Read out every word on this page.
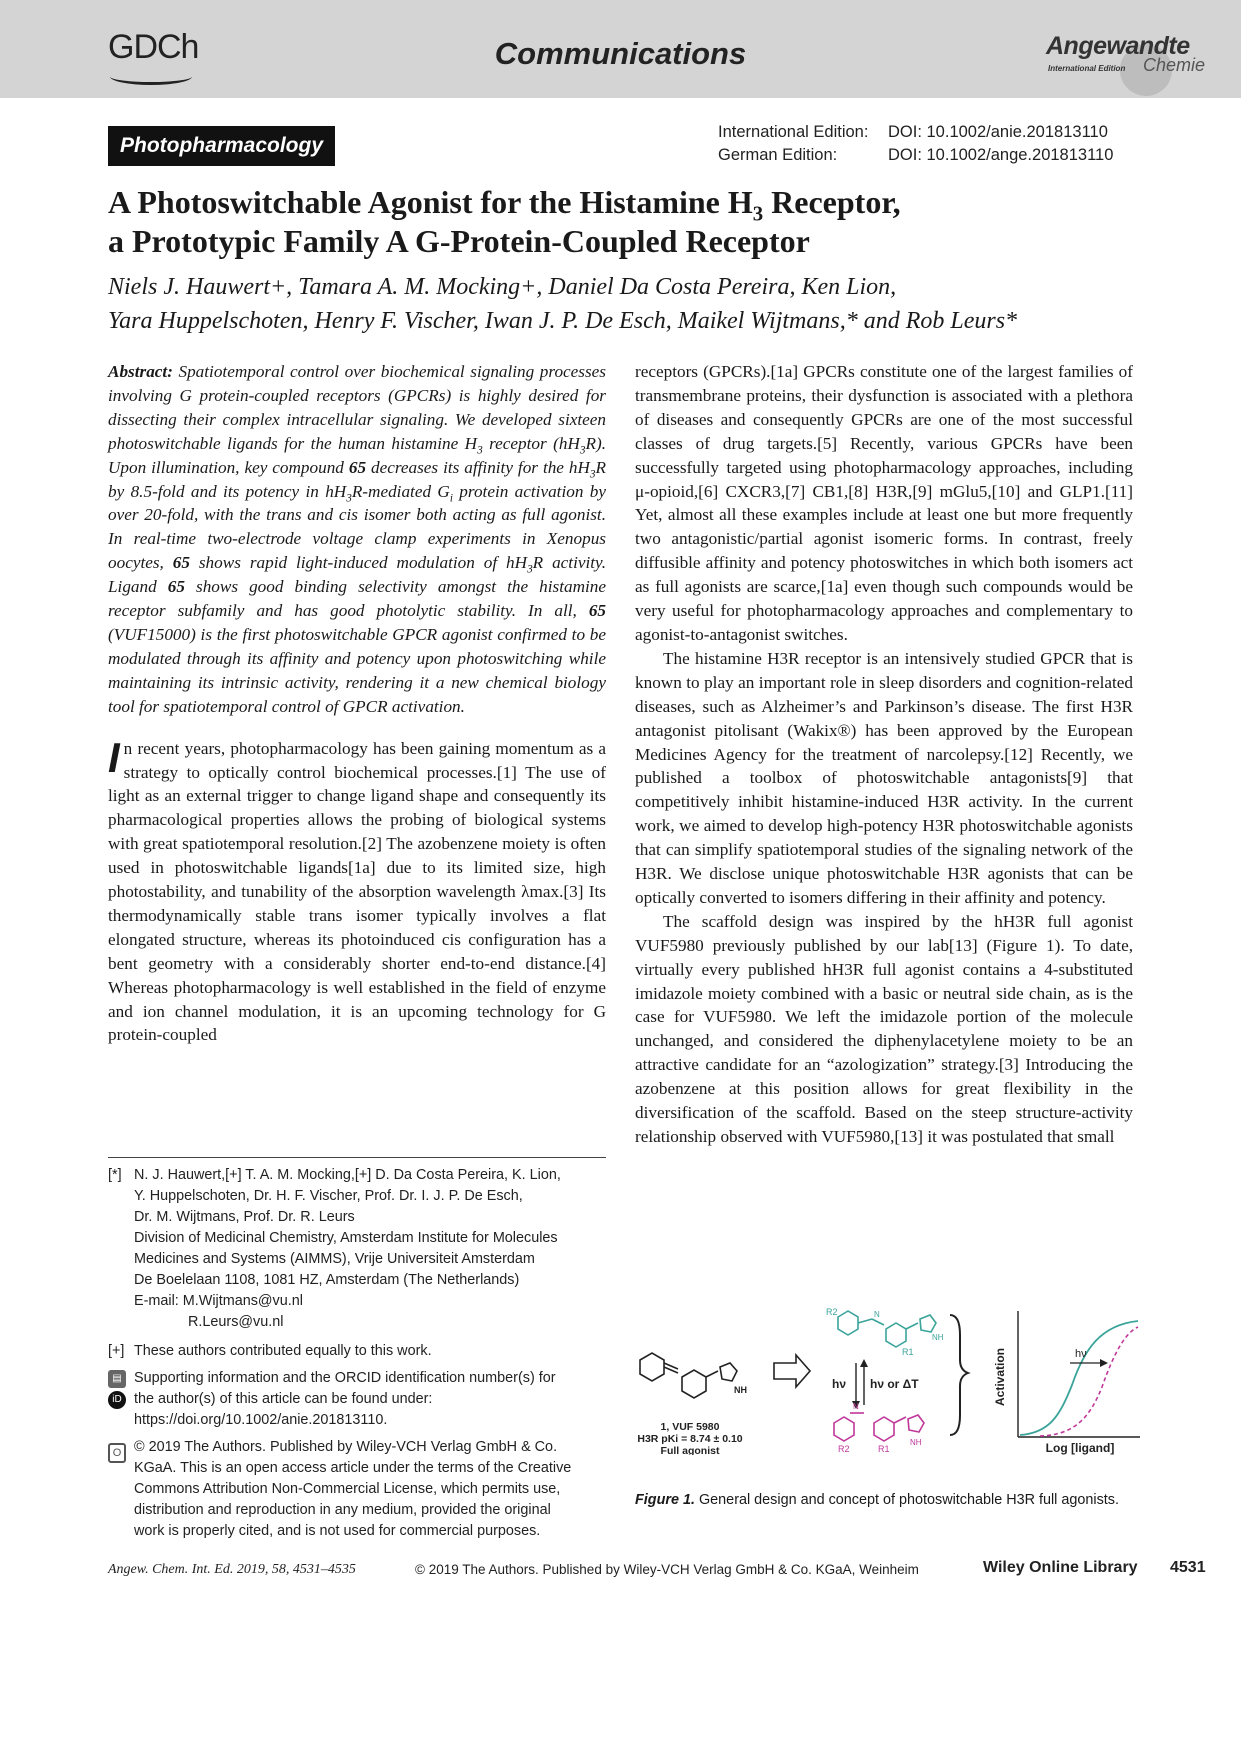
GDCh	Communications	Angewandte
International Edition Chemie
Photopharmacology
International Edition: DOI: 10.1002/anie.201813110
German Edition:	DOI: 10.1002/ange.201813110
A Photoswitchable Agonist for the Histamine $H_3$ Receptor,
a Prototypic Family A G-Protein-Coupled Receptor
Niels J. Hauwert+, Tamara A. M. Mocking+, Daniel Da Costa Pereira, Ken Lion,
Yara Huppelschoten, Henry F. Vischer, Iwan J. P. De Esch, Maikel Wijtmans,* and Rob Leurs*

Abstract: Spatiotemporal control over biochemical signaling processes involving G protein-coupled receptors (GPCRs) is highly desired for dissecting their complex intracellular signaling. We developed sixteen photoswitchable ligands for the human histamine $H_3$ receptor $(hH_3R)$. Upon illumination, key compound 65 decreases its affinity for the $hH_3R$ by 8.5-fold and its potency in $hH_3R$-mediated $G_i$ protein activation by over 20-fold, with the trans and cis isomer both acting as full agonist. In real-time two-electrode voltage clamp experiments in Xenopus oocytes, 65 shows rapid light-induced modulation of $hH_3R$ activity. Ligand 65 shows good binding selectivity amongst the histamine receptor subfamily and has good photolytic stability. In all, 65 (VUF15000) is the first photoswitchable GPCR agonist confirmed to be modulated through its affinity and potency upon photoswitching while maintaining its intrinsic activity, rendering it a new chemical biology tool for spatiotemporal control of GPCR activation.

In recent years, photopharmacology has been gaining momentum as a strategy to optically control biochemical processes.[1] The use of light as an external trigger to change ligand shape and consequently its pharmacological properties allows the probing of biological systems with great spatiotemporal resolution.[2] The azobenzene moiety is often used in photoswitchable ligands[1a] due to its limited size, high photostability, and tunability of the absorption wavelength λmax.[3] Its thermodynamically stable trans isomer typically involves a flat elongated structure, whereas its photoinduced cis configuration has a bent geometry with a considerably shorter end-to-end distance.[4] Whereas photopharmacology is well established in the field of enzyme and ion channel modulation, it is an upcoming technology for G protein-coupled

receptors (GPCRs).[1a] GPCRs constitute one of the largest families of transmembrane proteins, their dysfunction is associated with a plethora of diseases and consequently GPCRs are one of the most successful classes of drug targets.[5] Recently, various GPCRs have been successfully targeted using photopharmacology approaches, including μ-opioid,[6] CXCR3,[7] CB1,[8] H3R,[9] mGlu5,[10] and GLP1.[11] Yet, almost all these examples include at least one but more frequently two antagonistic/partial agonist isomeric forms. In contrast, freely diffusible affinity and potency photoswitches in which both isomers act as full agonists are scarce,[1a] even though such compounds would be very useful for photopharmacology approaches and complementary to agonist-to-antagonist switches.

The histamine H3R receptor is an intensively studied GPCR that is known to play an important role in sleep disorders and cognition-related diseases, such as Alzheimer’s and Parkinson’s disease. The first H3R antagonist pitolisant (Wakix®) has been approved by the European Medicines Agency for the treatment of narcolepsy.[12] Recently, we published a toolbox of photoswitchable antagonists[9] that competitively inhibit histamine-induced H3R activity. In the current work, we aimed to develop high-potency H3R photoswitchable agonists that can simplify spatiotemporal studies of the signaling network of the H3R. We disclose unique photoswitchable H3R agonists that can be optically converted to isomers differing in their affinity and potency.

The scaffold design was inspired by the hH3R full agonist VUF5980 previously published by our lab[13] (Figure 1). To date, virtually every published hH3R full agonist contains a 4-substituted imidazole moiety combined with a basic or neutral side chain, as is the case for VUF5980. We left the imidazole portion of the molecule unchanged, and considered the diphenylacetylene moiety to be an attractive candidate for an “azologization” strategy.[3] Introducing the azobenzene at this position allows for great flexibility in the diversification of the scaffold. Based on the steep structure-activity relationship observed with VUF5980,[13] it was postulated that small

[*] N. J. Hauwert,[+] T. A. M. Mocking,[+] D. Da Costa Pereira, K. Lion,
Y. Huppelschoten, Dr. H. F. Vischer, Prof. Dr. I. J. P. De Esch,
Dr. M. Wijtmans, Prof. Dr. R. Leurs
Division of Medicinal Chemistry, Amsterdam Institute for Molecules
Medicines and Systems (AIMMS), Vrije Universiteit Amsterdam
De Boelelaan 1108, 1081 HZ, Amsterdam (The Netherlands)
E-mail: M.Wijtmans@vu.nl
R.Leurs@vu.nl
[+] These authors contributed equally to this work.
▤
iD
Supporting information and the ORCID identification number(s) for
the author(s) of this article can be found under:
https://doi.org/10.1002/anie.201813110.
O © 2019 The Authors. Published by Wiley-VCH Verlag GmbH & Co.
KGaA. This is an open access article under the terms of the Creative
Commons Attribution Non-Commercial License, which permits use,
distribution and reproduction in any medium, provided the original
work is properly cited, and is not used for commercial purposes.
NH
1, VUF 5980
H3R pKi = 8.74 ± 0.10
Full agonist
R2	N
R1
NH
hν hν or ΔT
N
R2	R1
NH
Activation	hν
Log [ligand]
Figure 1. General design and concept of photoswitchable H3R full agonists.
Angew. Chem. Int. Ed. 2019, 58, 4531–4535	© 2019 The Authors. Published by Wiley-VCH Verlag GmbH & Co. KGaA, Weinheim	Wiley Online Library 4531
